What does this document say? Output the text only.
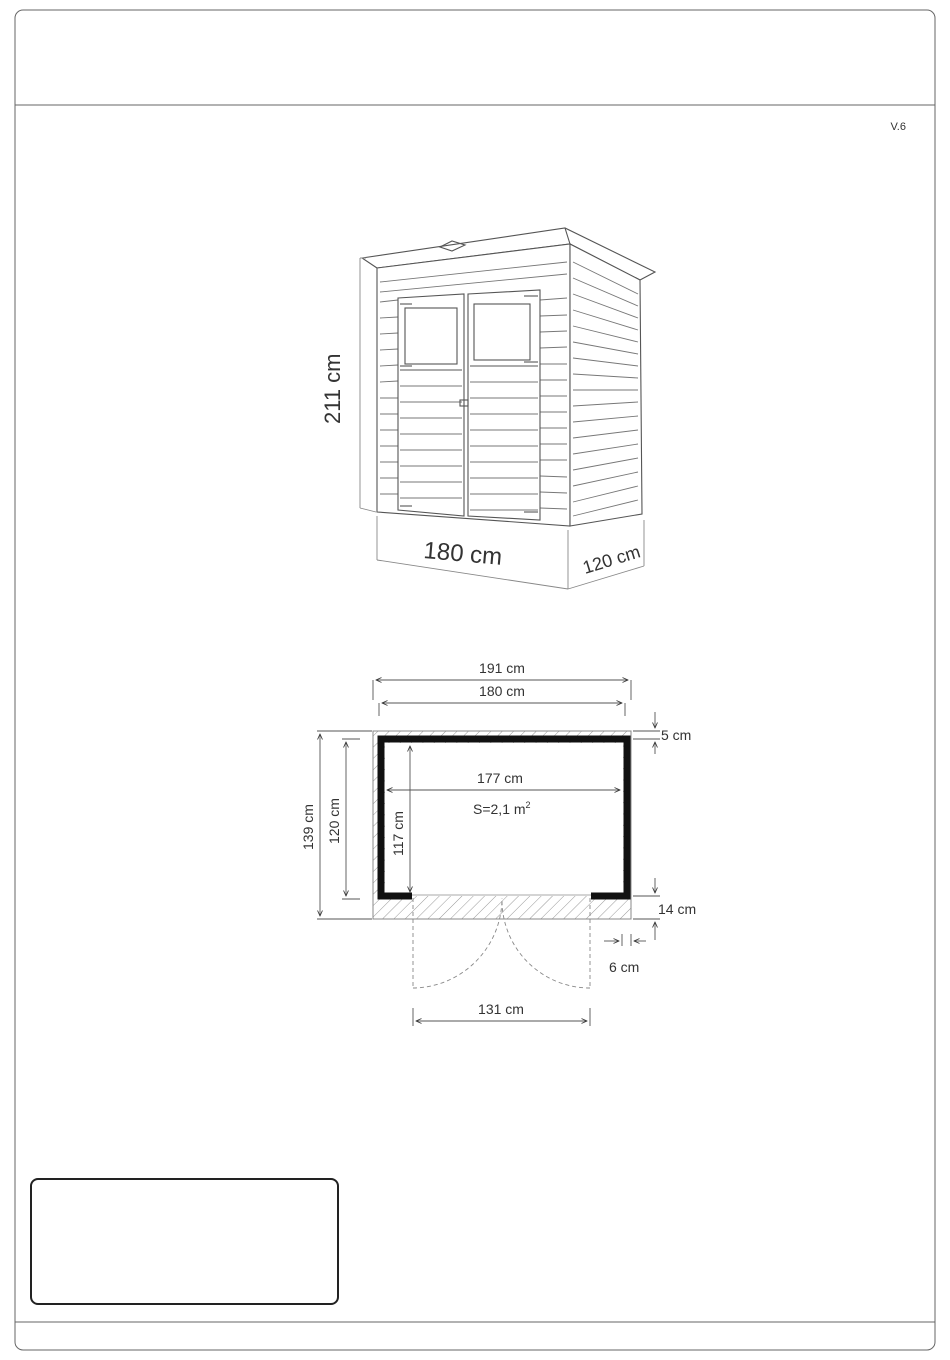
V.6
211 cm
180 cm	120 cm
191 cm
180 cm
177 cm
S=2,1 $m^2$
139 cm 120 cm	117 cm
5 cm
14 cm
6 cm
131 cm
